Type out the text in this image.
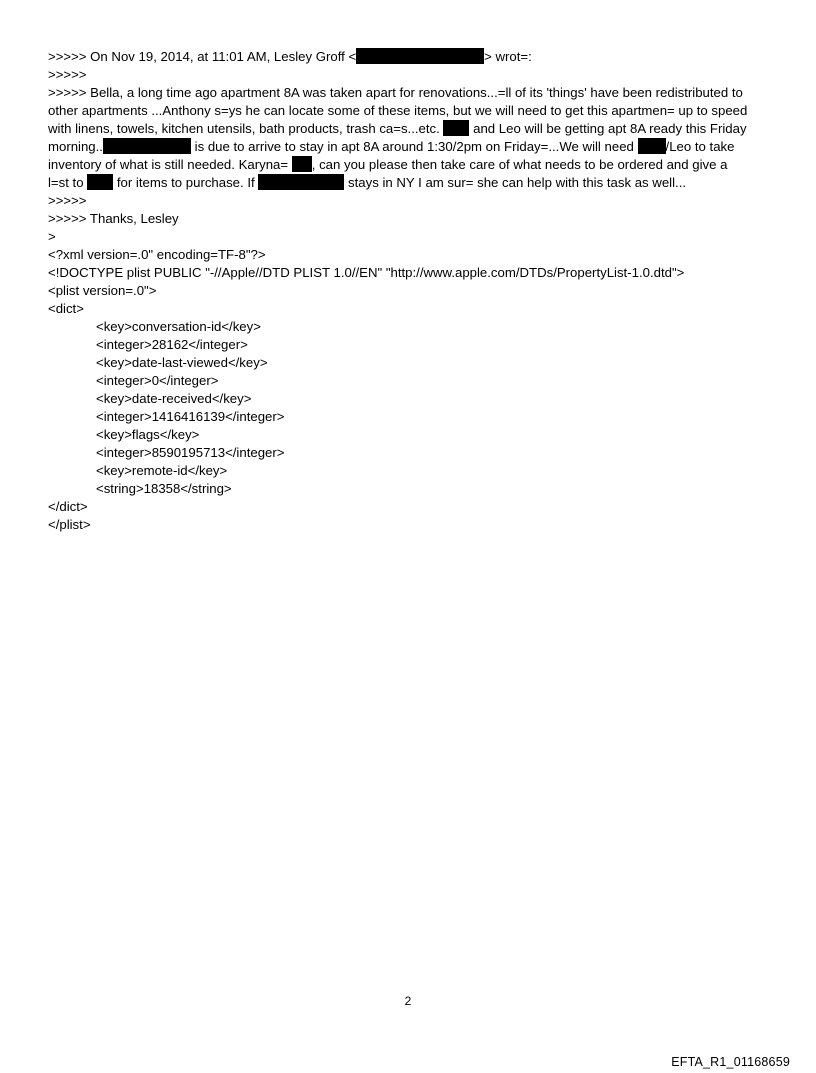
>>>>> On Nov 19, 2014, at 11:01 AM, Lesley Groff <	> wrot=:
>>>>>
>>>>> Bella, a long time ago apartment 8A was taken apart for renovations...=ll of its 'things' have been redistributed to
other apartments ...Anthony s=ys he can locate some of these items, but we will need to get this apartmen= up to speed
with linens, towels, kitchen utensils, bath products, trash ca=s...etc.  and Leo will be getting apt 8A ready this Friday
morning..	is due to arrive to stay in apt 8A around 1:30/2pm on Friday=...We will need /Leo to take
inventory of what is still needed. Karyna= , can you please then take care of what needs to be ordered and give a
l=st to  for items to purchase. If	stays in NY I am sur= she can help with this task as well...
>>>>>
>>>>> Thanks, Lesley
>
<?xml version=.0" encoding=TF-8"?>
<!DOCTYPE plist PUBLIC "-//Apple//DTD PLIST 1.0//EN" "http://www.apple.com/DTDs/PropertyList-1.0.dtd">
<plist version=.0">
<dict>
<key>conversation-id</key>
<integer>28162</integer>
<key>date-last-viewed</key>
<integer>0</integer>
<key>date-received</key>
<integer>1416416139</integer>
<key>flags</key>
<integer>8590195713</integer>
<key>remote-id</key>
<string>18358</string>
</dict>
</plist>
2
EFTA_R1_01168659
